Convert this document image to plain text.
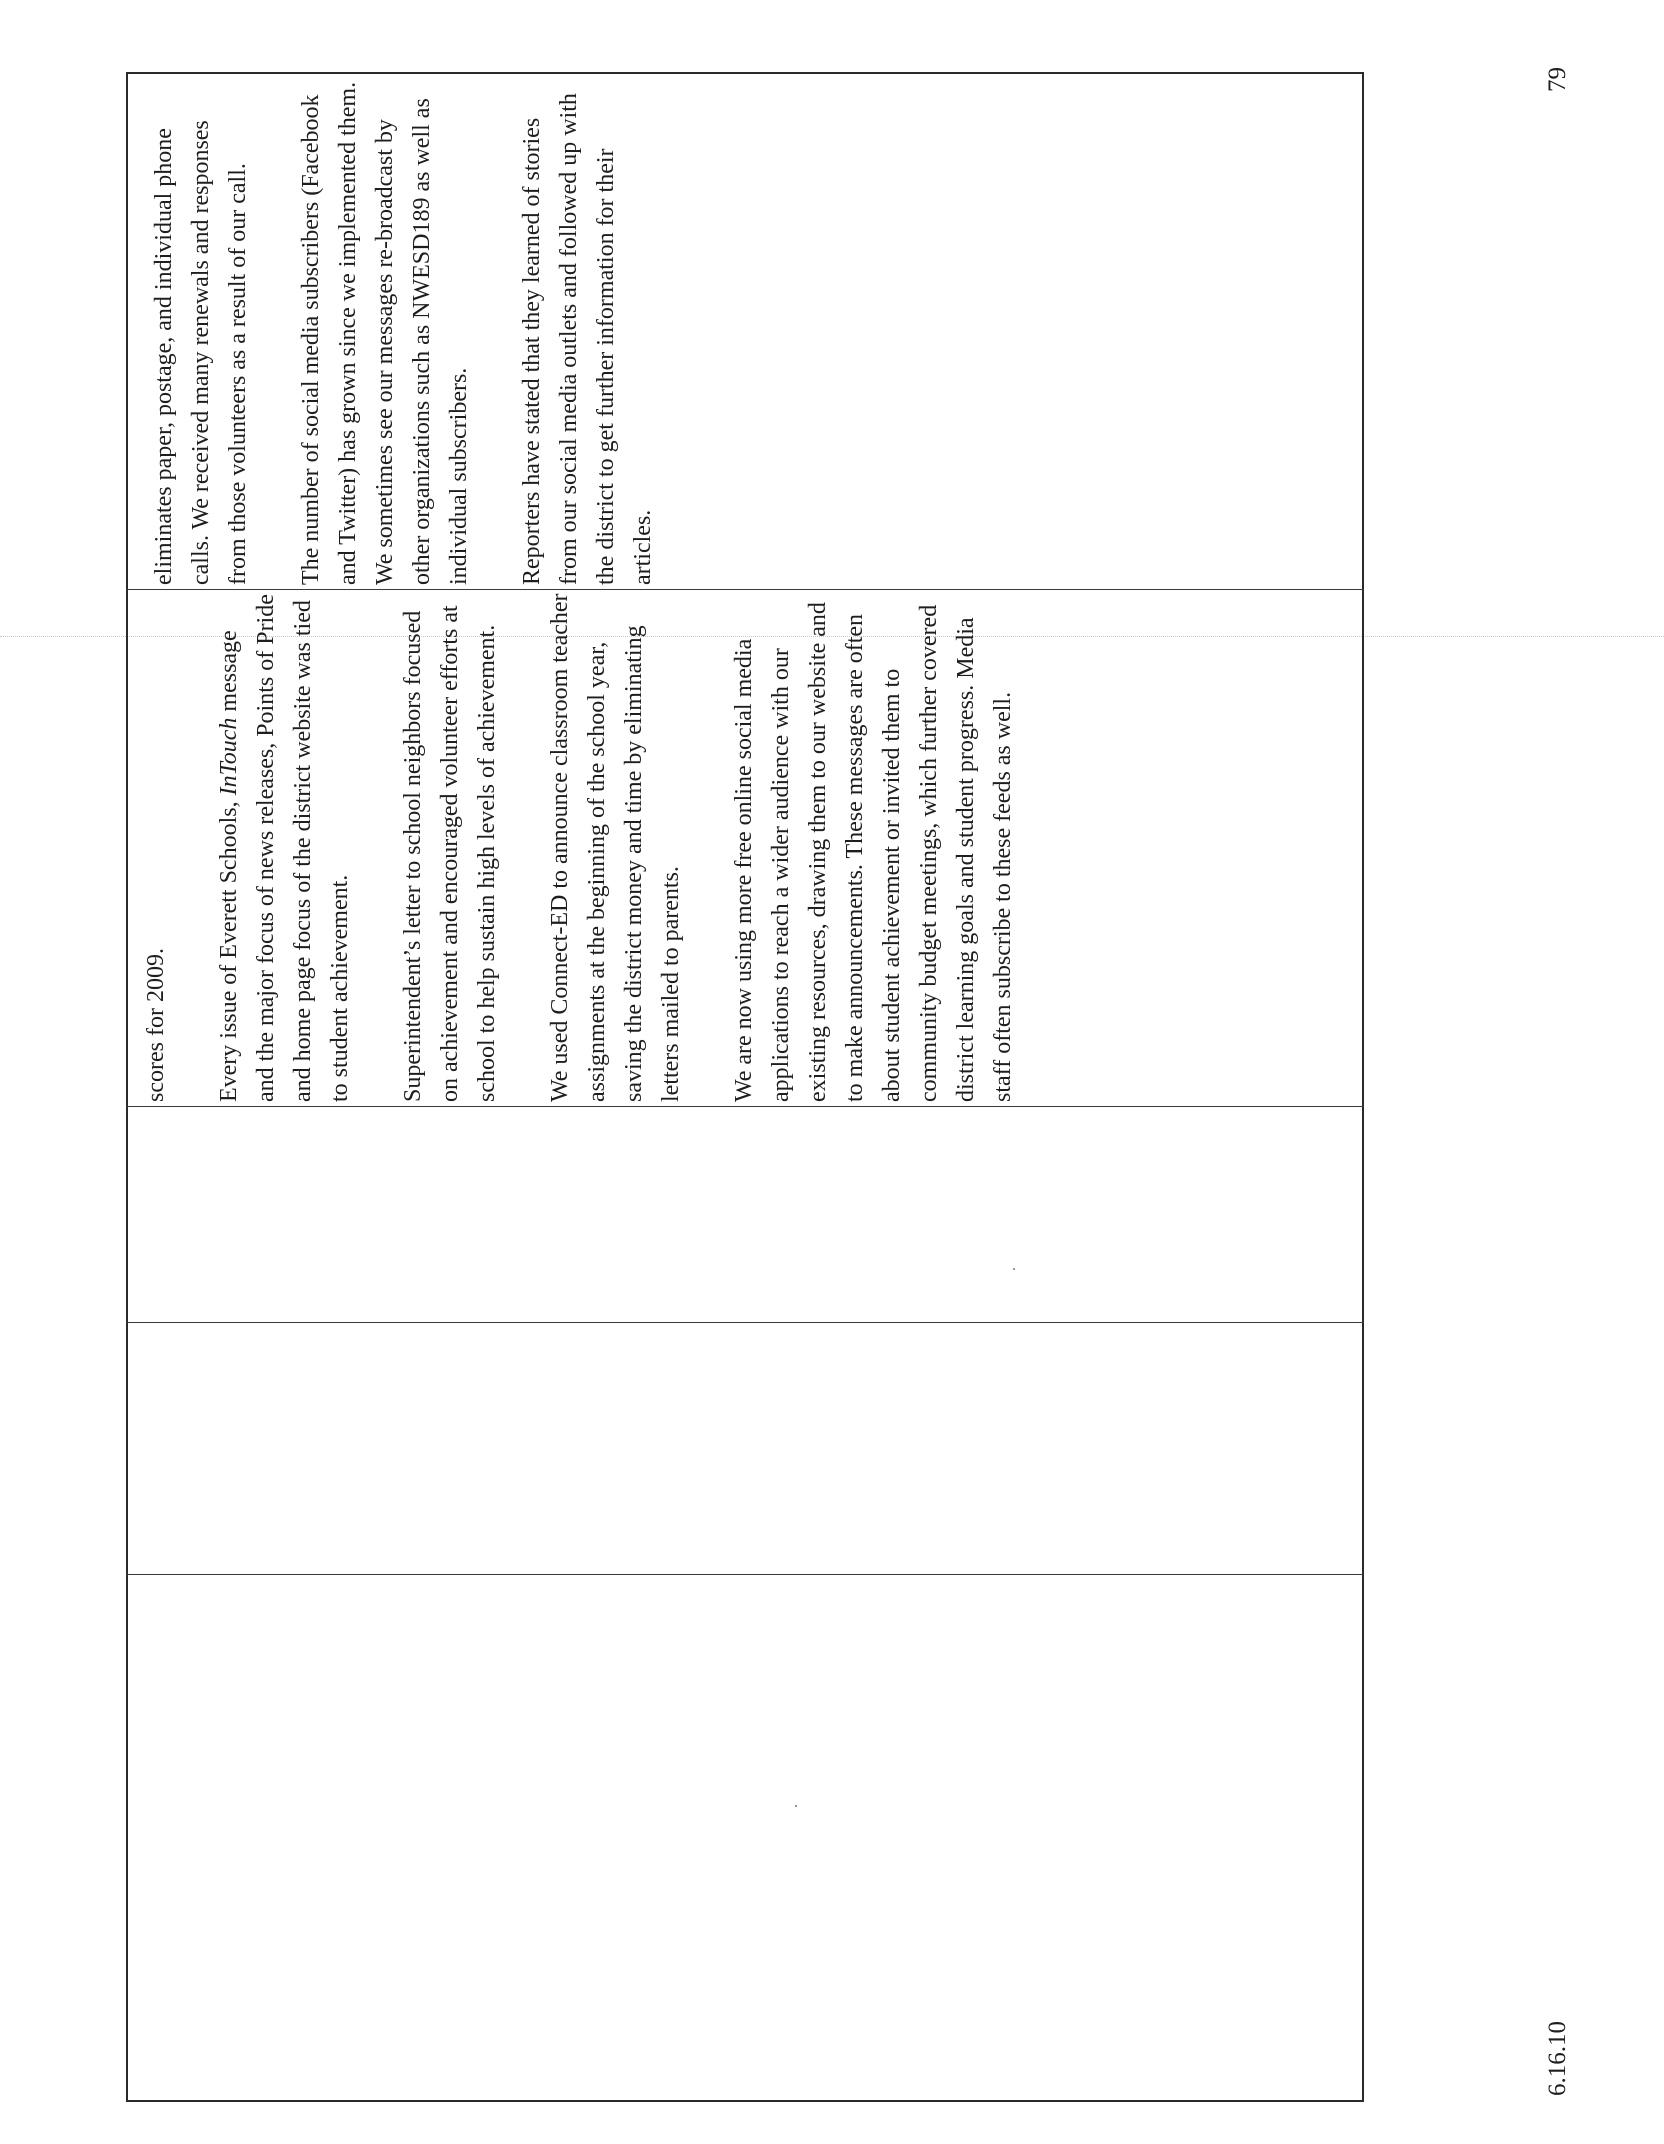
scores for 2009. Every issue of Everett Schools, InTouch message and the major focus of news releases, Points of Pride and home page focus of the district website was tied to student achievement. Superintendent’s letter to school neighbors focused on achievement and encouraged volunteer efforts at school to help sustain high levels of achievement. We used Connect-ED to announce classroom teacher assignments at the beginning of the school year, saving the district money and time by eliminating letters mailed to parents. We are now using more free online social media applications to reach a wider audience with our existing resources, drawing them to our website and to make announcements. These messages are often about student achievement or invited them to community budget meetings, which further covered district learning goals and student progress. Media staff often subscribe to these feeds as well.

eliminates paper, postage, and individual phone calls. We received many renewals and responses from those volunteers as a result of our call. The number of social media subscribers (Facebook and Twitter) has grown since we implemented them. We sometimes see our messages re-broadcast by other organizations such as NWESD189 as well as individual subscribers. Reporters have stated that they learned of stories from our social media outlets and followed up with the district to get further information for their articles.

79
6.16.10
